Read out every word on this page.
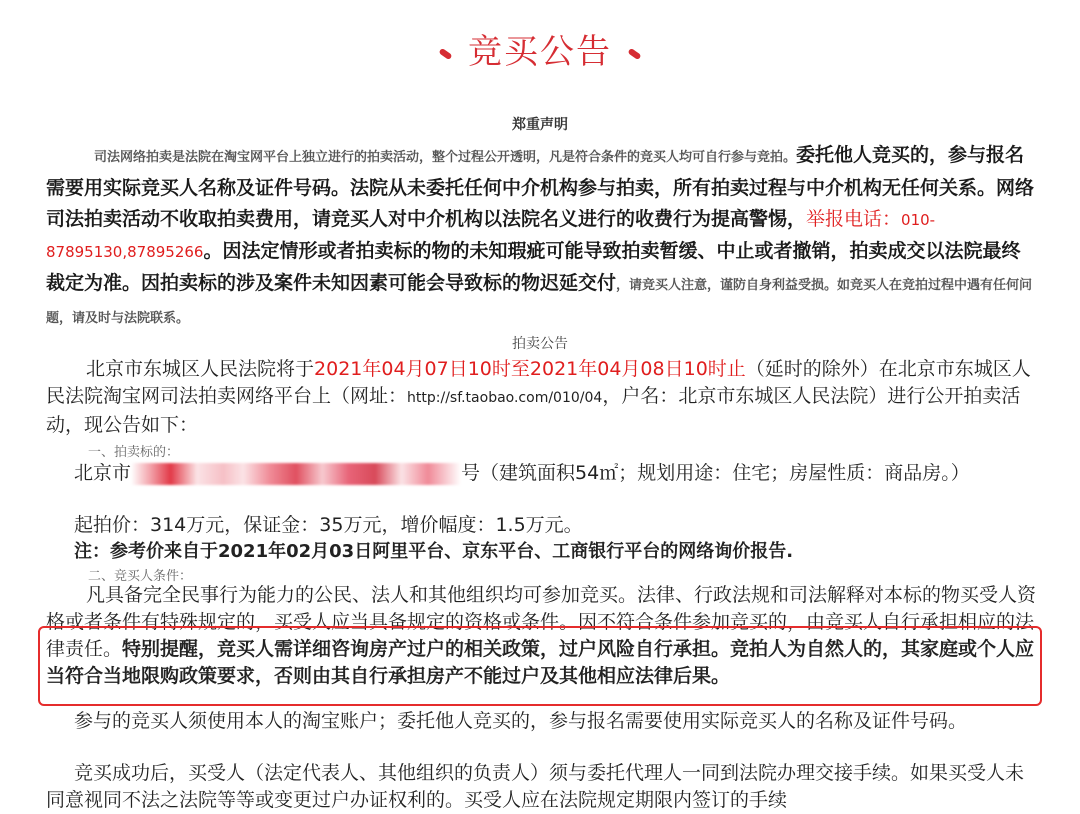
竞买公告
郑重声明
司法网络拍卖是法院在淘宝网平台上独立进行的拍卖活动，整个过程公开透明，凡是符合条件的竞买人均可自行参与竞拍。委托他人竞买的，参与报名需要用实际竞买人名称及证件号码。法院从未委托任何中介机构参与拍卖，所有拍卖过程与中介机构无任何关系。网络司法拍卖活动不收取拍卖费用，请竞买人对中介机构以法院名义进行的收费行为提高警惕，举报电话：010-87895130,87895266。因法定情形或者拍卖标的物的未知瑕疵可能导致拍卖暂缓、中止或者撤销，拍卖成交以法院最终裁定为准。因拍卖标的涉及案件未知因素可能会导致标的物迟延交付，请竞买人注意，谨防自身利益受损。如竞买人在竞拍过程中遇有任何问题，请及时与法院联系。
拍卖公告
北京市东城区人民法院将于2021年04月07日10时至2021年04月08日10时止（延时的除外）在北京市东城区人民法院淘宝网司法拍卖网络平台上（网址：http://sf.taobao.com/010/04，户名：北京市东城区人民法院）进行公开拍卖活动，现公告如下：
一、拍卖标的：
北京市	号（建筑面积54㎡；规划用途：住宅；房屋性质：商品房。）
起拍价：314万元，保证金：35万元，增价幅度：1.5万元。
注：参考价来自于2021年02月03日阿里平台、京东平台、工商银行平台的网络询价报告.
二、竞买人条件：
凡具备完全民事行为能力的公民、法人和其他组织均可参加竞买。法律、行政法规和司法解释对本标的物买受人资格或者条件有特殊规定的，买受人应当具备规定的资格或条件。因不符合条件参加竞买的，由竞买人自行承担相应的法律责任。特别提醒，竞买人需详细咨询房产过户的相关政策，过户风险自行承担。竞拍人为自然人的，其家庭或个人应当符合当地限购政策要求，否则由其自行承担房产不能过户及其他相应法律后果。
参与的竞买人须使用本人的淘宝账户；委托他人竞买的，参与报名需要使用实际竞买人的名称及证件号码。
竞买成功后，买受人（法定代表人、其他组织的负责人）须与委托代理人一同到法院办理交接手续。如果买受人未同意视同不法之法院等等或变更过户办证权利的。买受人应在法院规定期限内签订的手续
